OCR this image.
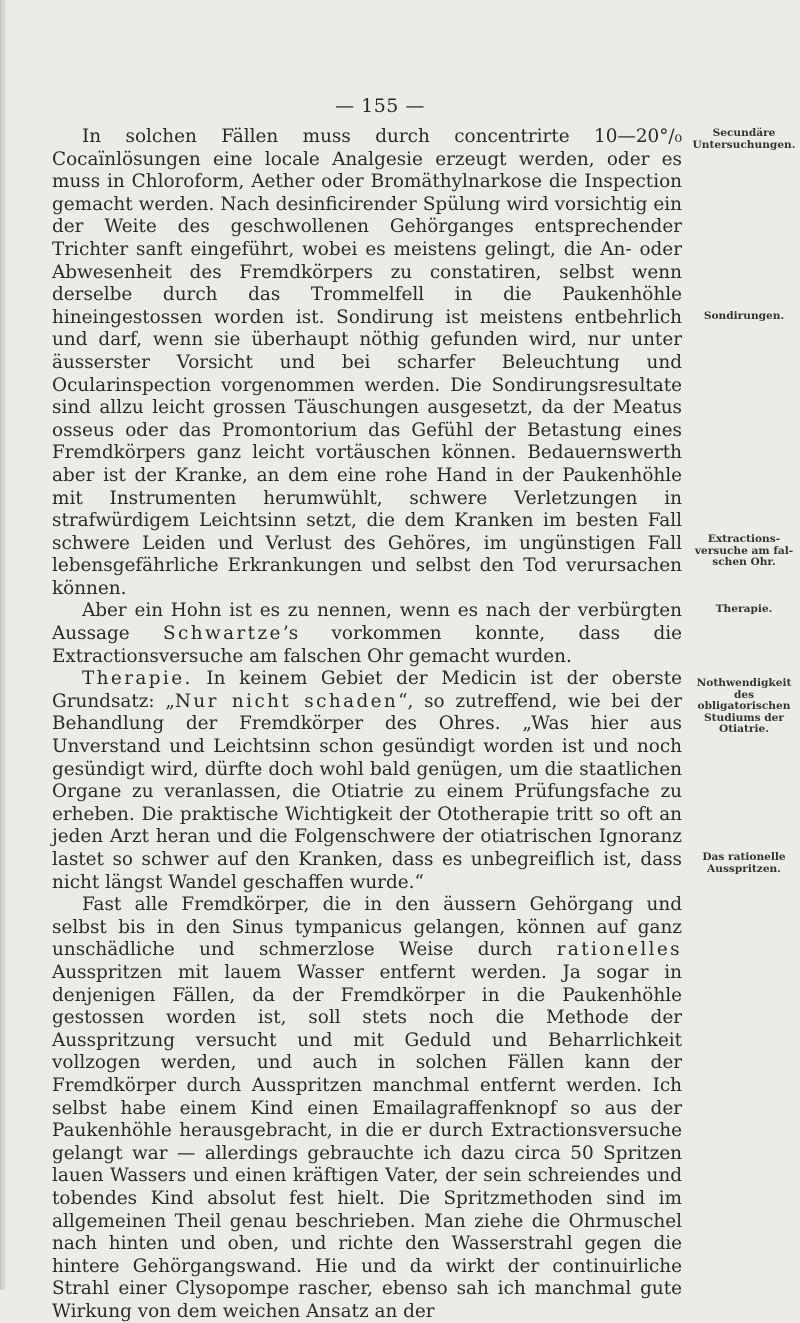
— 155 —

In solchen Fällen muss durch concentrirte 10—20°/₀ Cocaïnlösungen eine locale Analgesie erzeugt werden, oder es muss in Chloroform, Aether oder Bromäthylnarkose die Inspection gemacht werden. Nach desinficirender Spülung wird vorsichtig ein der Weite des geschwollenen Gehörganges entsprechender Trichter sanft eingeführt, wobei es meistens gelingt, die An- oder Abwesenheit des Fremdkörpers zu constatiren, selbst wenn derselbe durch das Trommelfell in die Paukenhöhle hineingestossen worden ist. Sondirung ist meistens entbehrlich und darf, wenn sie überhaupt nöthig gefunden wird, nur unter äusserster Vorsicht und bei scharfer Beleuchtung und Ocularinspection vorgenommen werden. Die Sondirungsresultate sind allzu leicht grossen Täuschungen ausgesetzt, da der Meatus osseus oder das Promontorium das Gefühl der Betastung eines Fremdkörpers ganz leicht vortäuschen können. Bedauernswerth aber ist der Kranke, an dem eine rohe Hand in der Paukenhöhle mit Instrumenten herumwühlt, schwere Verletzungen in strafwürdigem Leichtsinn setzt, die dem Kranken im besten Fall schwere Leiden und Verlust des Gehöres, im ungünstigen Fall lebensgefährliche Erkrankungen und selbst den Tod verursachen können.

Aber ein Hohn ist es zu nennen, wenn es nach der verbürgten Aussage Schwartze’s vorkommen konnte, dass die Extractionsversuche am falschen Ohr gemacht wurden.

Therapie. In keinem Gebiet der Medicin ist der oberste Grundsatz: „Nur nicht schaden“, so zutreffend, wie bei der Behandlung der Fremdkörper des Ohres. „Was hier aus Unverstand und Leichtsinn schon gesündigt worden ist und noch gesündigt wird, dürfte doch wohl bald genügen, um die staatlichen Organe zu veranlassen, die Otiatrie zu einem Prüfungsfache zu erheben. Die praktische Wichtigkeit der Ototherapie tritt so oft an jeden Arzt heran und die Folgenschwere der otiatrischen Ignoranz lastet so schwer auf den Kranken, dass es unbegreiflich ist, dass nicht längst Wandel geschaffen wurde.“

Fast alle Fremdkörper, die in den äussern Gehörgang und selbst bis in den Sinus tympanicus gelangen, können auf ganz unschädliche und schmerzlose Weise durch rationelles Ausspritzen mit lauem Wasser entfernt werden. Ja sogar in denjenigen Fällen, da der Fremdkörper in die Paukenhöhle gestossen worden ist, soll stets noch die Methode der Ausspritzung versucht und mit Geduld und Beharrlichkeit vollzogen werden, und auch in solchen Fällen kann der Fremdkörper durch Ausspritzen manchmal entfernt werden. Ich selbst habe einem Kind einen Emailagraffenknopf so aus der Paukenhöhle herausgebracht, in die er durch Extractionsversuche gelangt war — allerdings gebrauchte ich dazu circa 50 Spritzen lauen Wassers und einen kräftigen Vater, der sein schreiendes und tobendes Kind absolut fest hielt. Die Spritzmethoden sind im allgemeinen Theil genau beschrieben. Man ziehe die Ohrmuschel nach hinten und oben, und richte den Wasserstrahl gegen die hintere Gehörgangswand. Hie und da wirkt der continuirliche Strahl einer Clysopompe rascher, ebenso sah ich manchmal gute Wirkung von dem weichen Ansatz an der

Secundäre Untersuchungen.
Sondirungen.
Extractions-versuche am fal-schen Ohr.
Therapie.
Nothwendigkeit des obligatorischen Studiums der Otiatrie.
Das rationelle Ausspritzen.
